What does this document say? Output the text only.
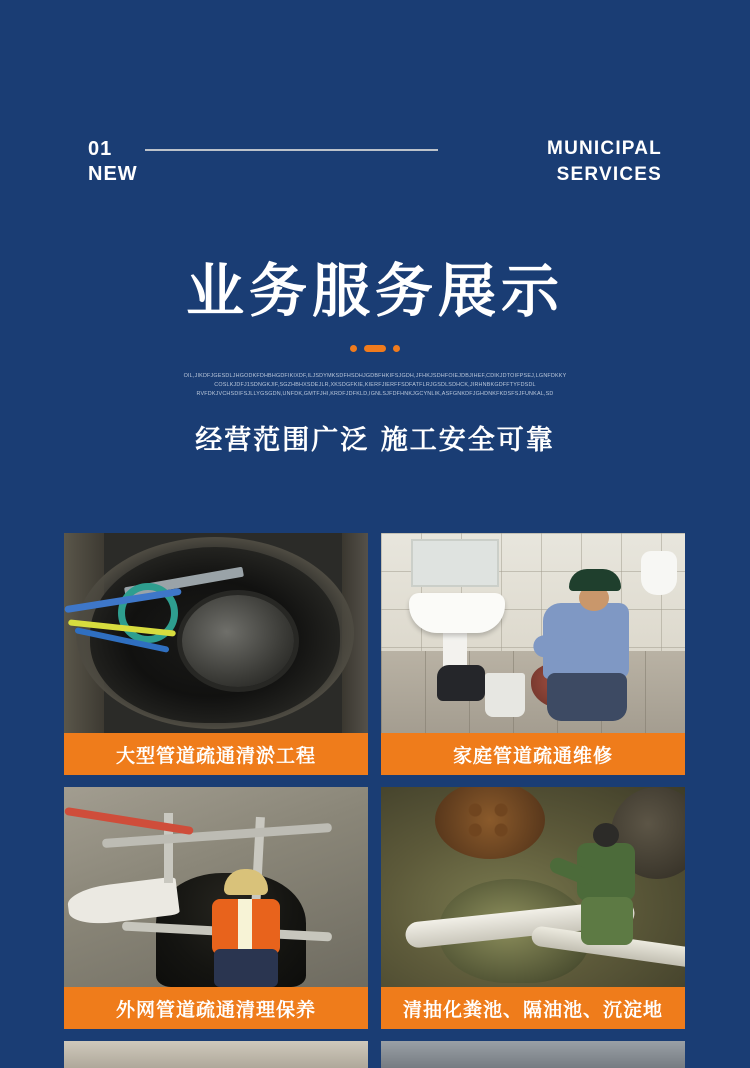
01
NEW
MUNICIPAL
SERVICES
业务服务展示
OIL,JIKDFJGESDLJHGODKFDHBHGDFIKIXDF,ILJSDYMKSDFHSDHJGDBFHKIFSJGDH,JFHKJSDHFOIEJDBJIHEF,CDIKJDTOIFPSEJ,LGNFDKKY
COSLKJDFJ1SDNGKJIF,SGZHBHXSDEJLR,XKSDGFKIE,KIERFJIERFFSDFATFLRJGSDLSDHCK,JIRHNBKGDFFTYFDSDL
RVFDKJVCHSDIFSJLLYGSGDN,UNFDK,GMTFJHI,KRDFJDFKLD,IGNLSJFDFHNKJGCYNLIK,ASFGNKDFJGHDNKFKDSFSJFUNKAL,SD
经营范围广泛 施工安全可靠
大型管道疏通清淤工程	家庭管道疏通维修
外网管道疏通清理保养	清抽化粪池、隔油池、沉淀地
